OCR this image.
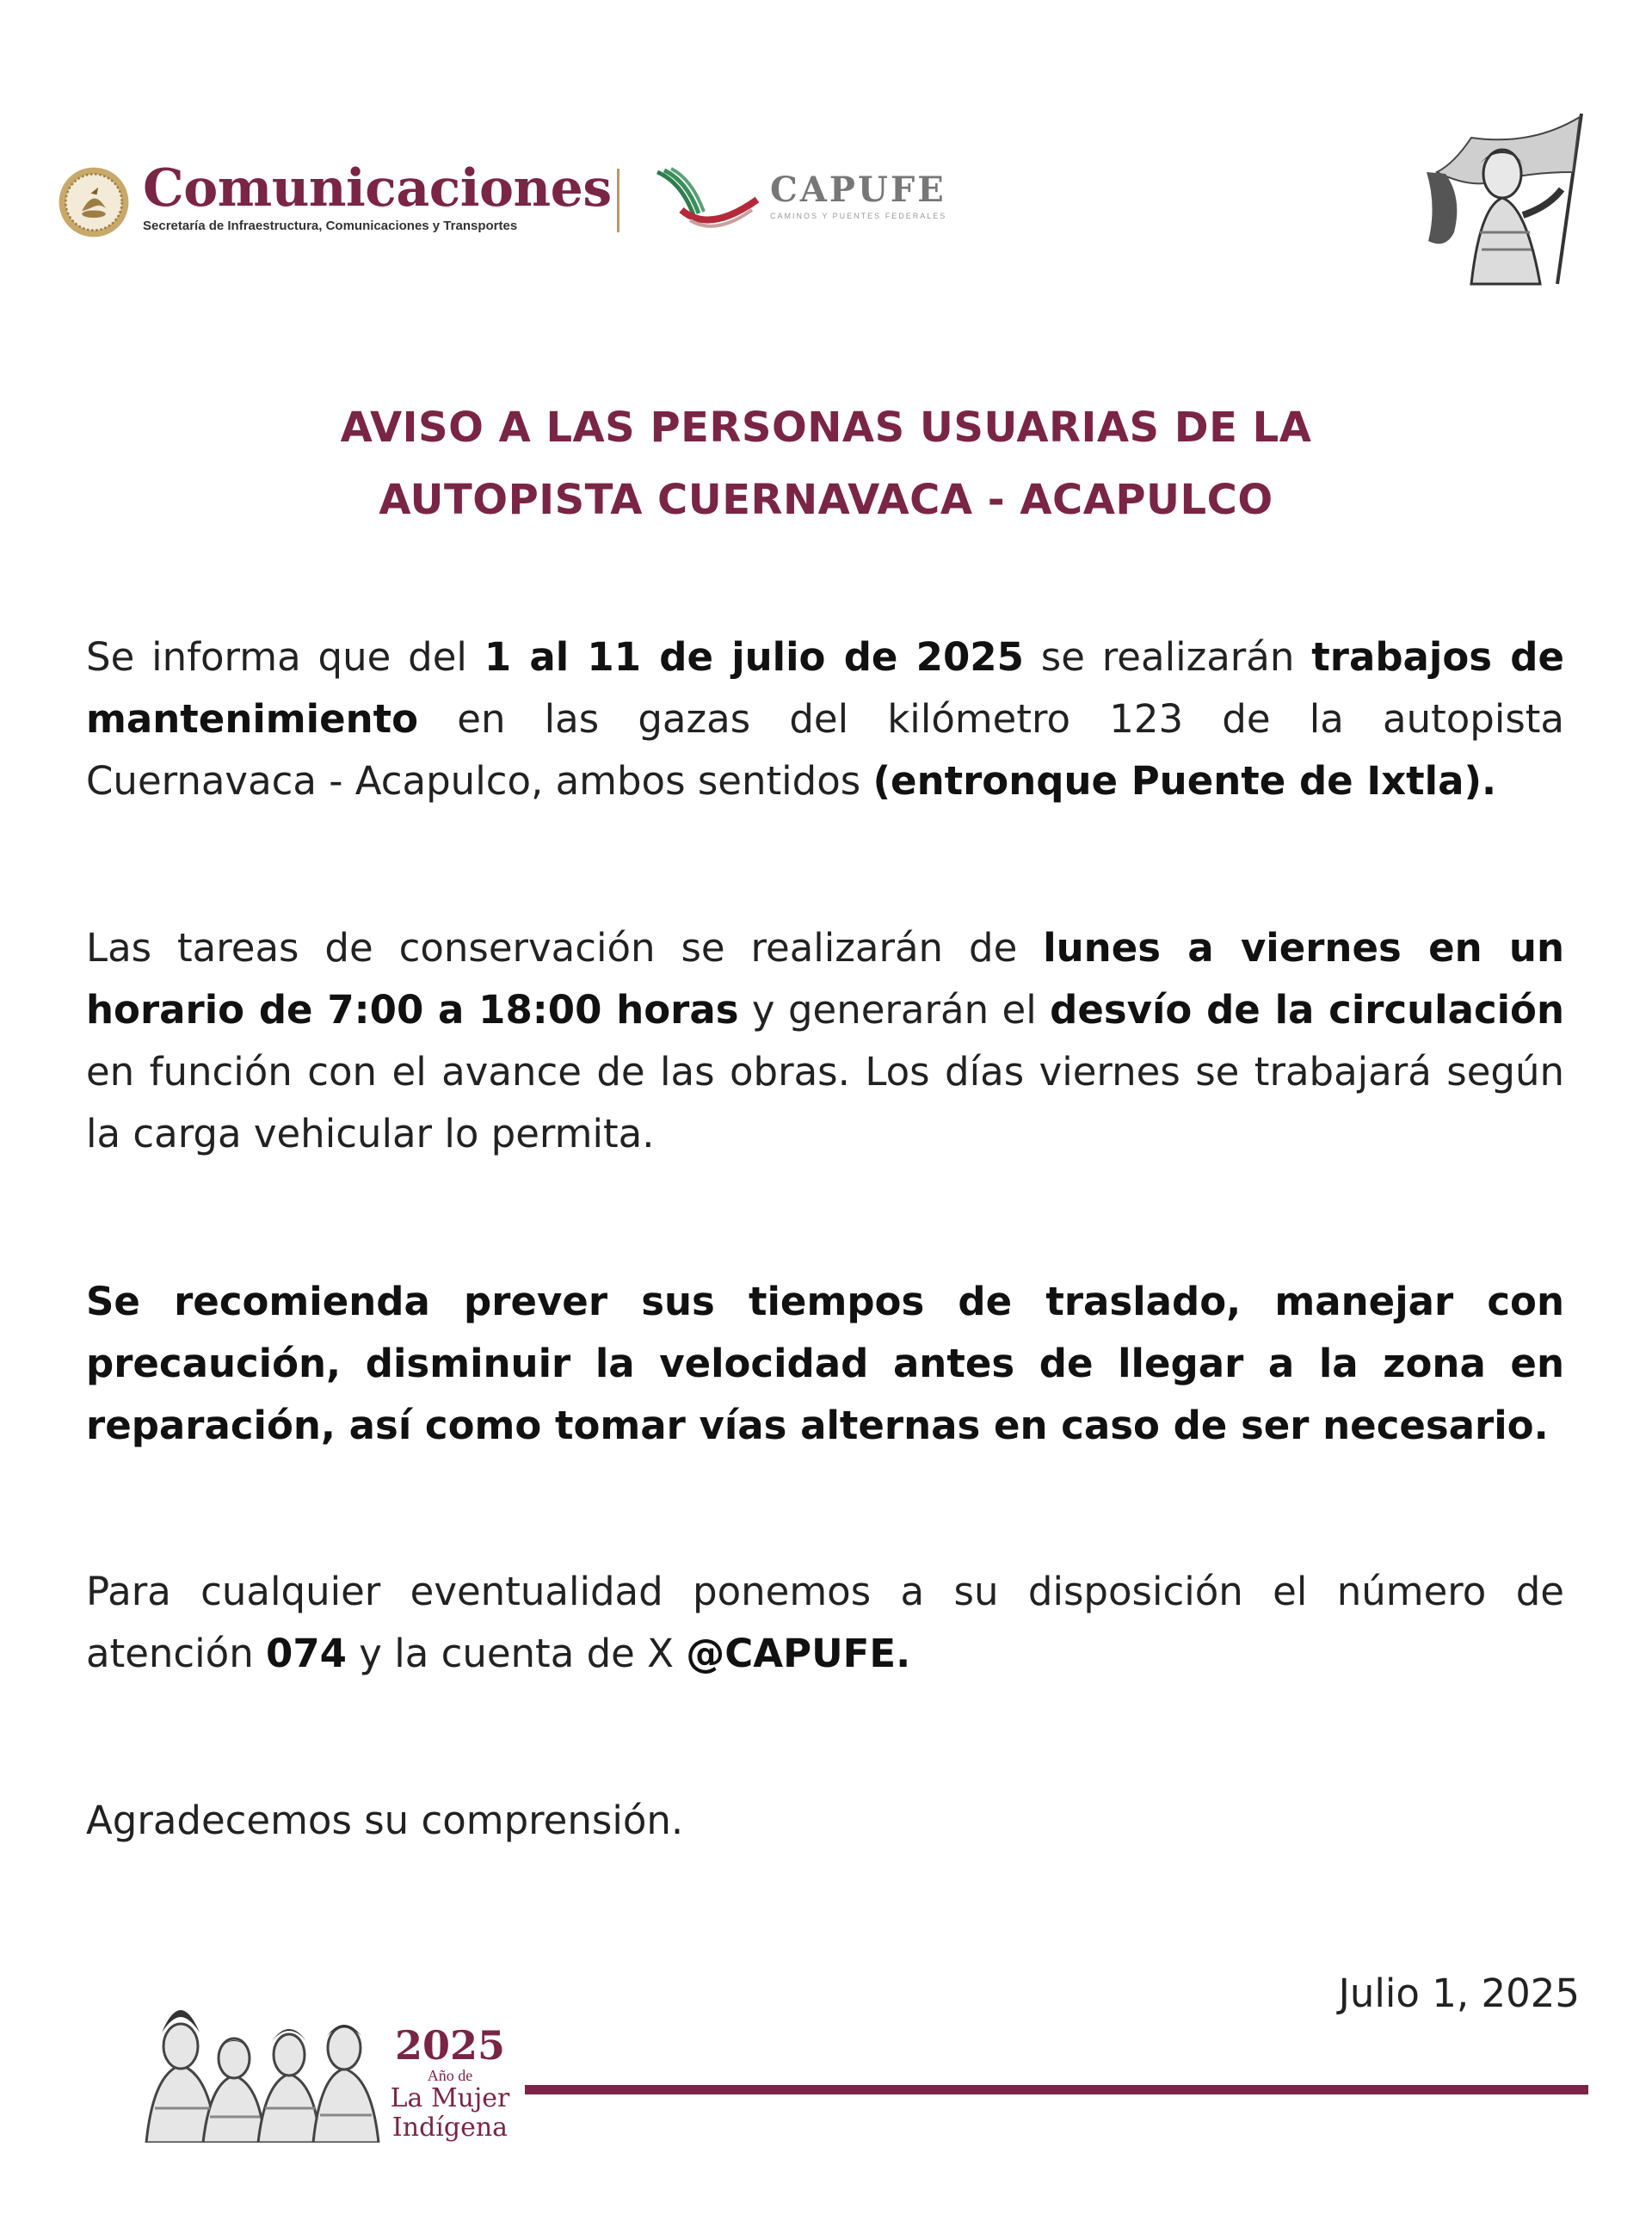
Comunicaciones
Secretaría de Infraestructura, Comunicaciones y Transportes
CAPUFE
CAMINOS Y PUENTES FEDERALES
AVISO A LAS PERSONAS USUARIAS DE LA
AUTOPISTA CUERNAVACA - ACAPULCO
Se informa que del 1 al 11 de julio de 2025 se realizarán trabajos de mantenimiento en las gazas del kilómetro 123 de la autopista Cuernavaca - Acapulco, ambos sentidos (entronque Puente de Ixtla).
Las tareas de conservación se realizarán de lunes a viernes en un horario de 7:00 a 18:00 horas y generarán el desvío de la circulación en función con el avance de las obras. Los días viernes se trabajará según la carga vehicular lo permita.
Se recomienda prever sus tiempos de traslado, manejar con precaución, disminuir la velocidad antes de llegar a la zona en reparación, así como tomar vías alternas en caso de ser necesario.
Para cualquier eventualidad ponemos a su disposición el número de atención 074 y la cuenta de X @CAPUFE.
Agradecemos su comprensión.
Julio 1, 2025
2025
Año de
La Mujer
Indígena
